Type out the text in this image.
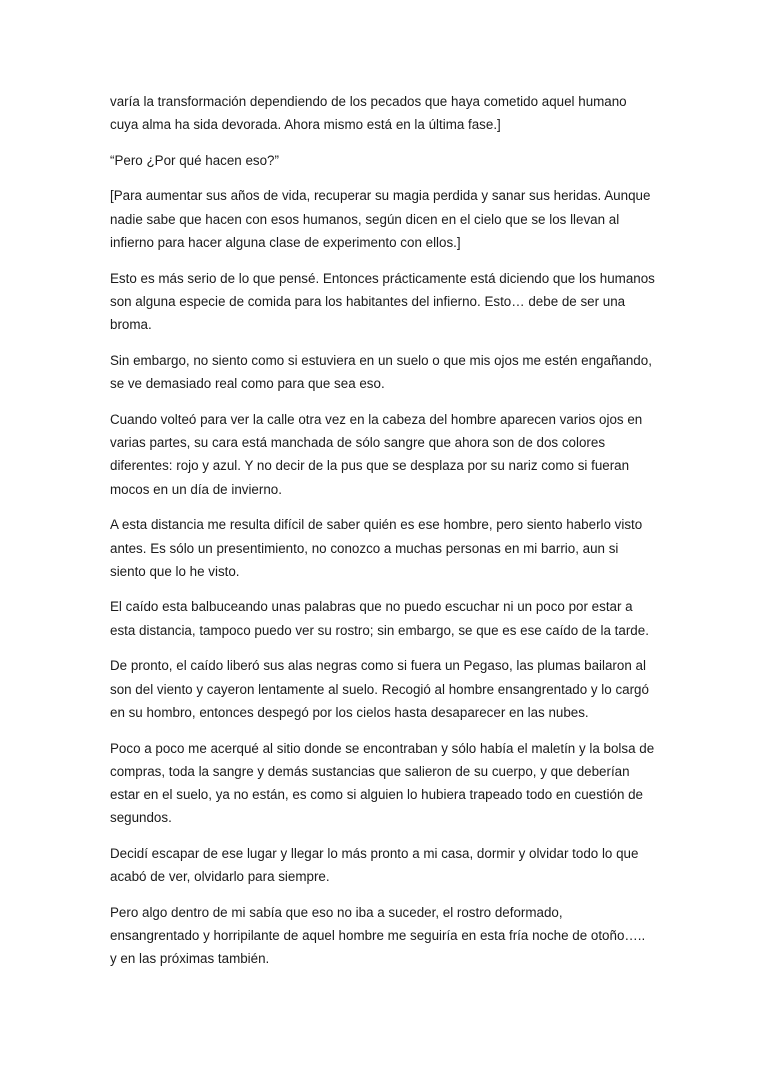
varía la transformación dependiendo de los pecados que haya cometido aquel humano cuya alma ha sida devorada. Ahora mismo está en la última fase.]

“Pero ¿Por qué hacen eso?”

[Para aumentar sus años de vida, recuperar su magia perdida y sanar sus heridas. Aunque nadie sabe que hacen con esos humanos, según dicen en el cielo que se los llevan al infierno para hacer alguna clase de experimento con ellos.]

Esto es más serio de lo que pensé. Entonces prácticamente está diciendo que los humanos son alguna especie de comida para los habitantes del infierno. Esto… debe de ser una broma.

Sin embargo, no siento como si estuviera en un suelo o que mis ojos me estén engañando, se ve demasiado real como para que sea eso.

Cuando volteó para ver la calle otra vez en la cabeza del hombre aparecen varios ojos en varias partes, su cara está manchada de sólo sangre que ahora son de dos colores diferentes: rojo y azul. Y no decir de la pus que se desplaza por su nariz como si fueran mocos en un día de invierno.

A esta distancia me resulta difícil de saber quién es ese hombre, pero siento haberlo visto antes. Es sólo un presentimiento, no conozco a muchas personas en mi barrio, aun si siento que lo he visto.

El caído esta balbuceando unas palabras que no puedo escuchar ni un poco por estar a esta distancia, tampoco puedo ver su rostro; sin embargo, se que es ese caído de la tarde.

De pronto, el caído liberó sus alas negras como si fuera un Pegaso, las plumas bailaron al son del viento y cayeron lentamente al suelo. Recogió al hombre ensangrentado y lo cargó en su hombro, entonces despegó por los cielos hasta desaparecer en las nubes.

Poco a poco me acerqué al sitio donde se encontraban y sólo había el maletín y la bolsa de compras, toda la sangre y demás sustancias que salieron de su cuerpo, y que deberían estar en el suelo, ya no están, es como si alguien lo hubiera trapeado todo en cuestión de segundos.

Decidí escapar de ese lugar y llegar lo más pronto a mi casa, dormir y olvidar todo lo que acabó de ver, olvidarlo para siempre.

Pero algo dentro de mi sabía que eso no iba a suceder, el rostro deformado, ensangrentado y horripilante de aquel hombre me seguiría en esta fría noche de otoño….. y en las próximas también.
